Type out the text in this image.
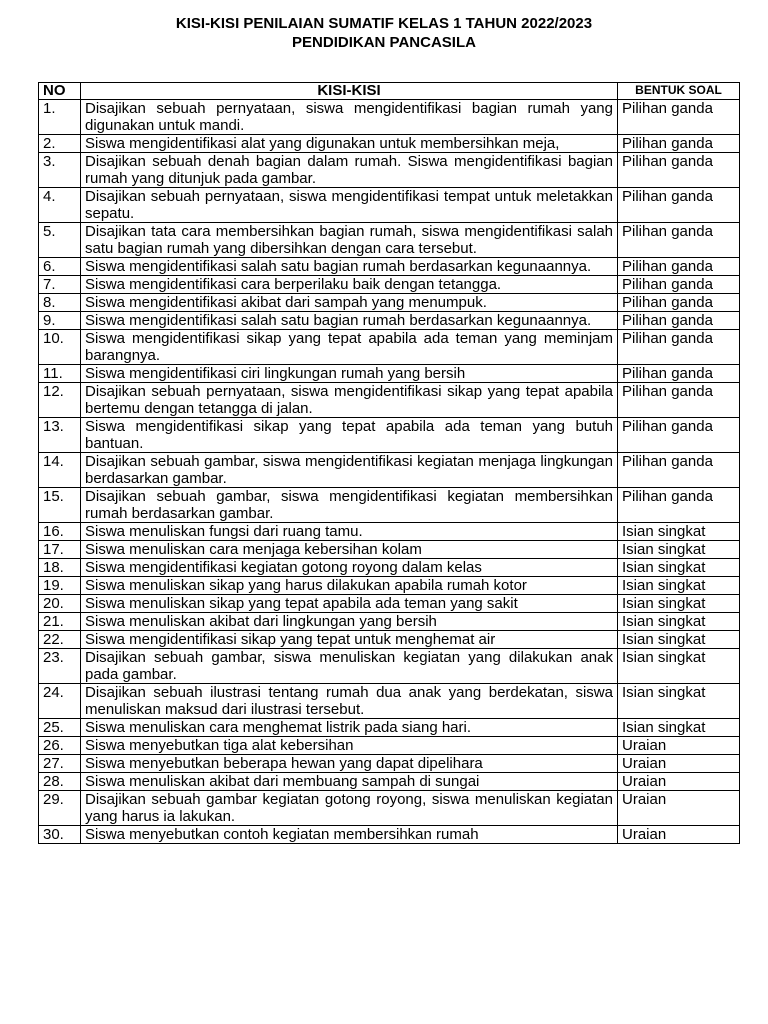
KISI-KISI PENILAIAN SUMATIF KELAS 1 TAHUN 2022/2023
PENDIDIKAN PANCASILA
NO	KISI-KISI	BENTUK SOAL
1.	Disajikan sebuah pernyataan, siswa mengidentifikasi bagian rumah yang digunakan untuk mandi.	Pilihan ganda
2.	Siswa mengidentifikasi alat yang digunakan untuk membersihkan meja,	Pilihan ganda
3.	Disajikan sebuah denah bagian dalam rumah. Siswa mengidentifikasi bagian rumah yang ditunjuk pada gambar.	Pilihan ganda
4.	Disajikan sebuah pernyataan, siswa mengidentifikasi tempat untuk meletakkan sepatu.	Pilihan ganda
5.	Disajikan tata cara membersihkan bagian rumah, siswa mengidentifikasi salah satu bagian rumah yang dibersihkan dengan cara tersebut.	Pilihan ganda
6.	Siswa mengidentifikasi salah satu bagian rumah berdasarkan kegunaannya.	Pilihan ganda
7.	Siswa mengidentifikasi cara berperilaku baik dengan tetangga.	Pilihan ganda
8.	Siswa mengidentifikasi akibat dari sampah yang menumpuk.	Pilihan ganda
9.	Siswa mengidentifikasi salah satu bagian rumah berdasarkan kegunaannya.	Pilihan ganda
10.	Siswa mengidentifikasi sikap yang tepat apabila ada teman yang meminjam barangnya.	Pilihan ganda
11.	Siswa mengidentifikasi ciri lingkungan rumah yang bersih	Pilihan ganda
12.	Disajikan sebuah pernyataan, siswa mengidentifikasi sikap yang tepat apabila bertemu dengan tetangga di jalan.	Pilihan ganda
13.	Siswa mengidentifikasi sikap yang tepat apabila ada teman yang butuh bantuan.	Pilihan ganda
14.	Disajikan sebuah gambar, siswa mengidentifikasi kegiatan menjaga lingkungan berdasarkan gambar.	Pilihan ganda
15.	Disajikan sebuah gambar, siswa mengidentifikasi kegiatan membersihkan rumah berdasarkan gambar.	Pilihan ganda
16.	Siswa menuliskan fungsi dari ruang tamu.	Isian singkat
17.	Siswa menuliskan cara menjaga kebersihan kolam	Isian singkat
18.	Siswa mengidentifikasi kegiatan gotong royong dalam kelas	Isian singkat
19.	Siswa menuliskan sikap yang harus dilakukan apabila rumah kotor	Isian singkat
20.	Siswa menuliskan sikap yang tepat apabila ada teman yang sakit	Isian singkat
21.	Siswa menuliskan akibat dari lingkungan yang bersih	Isian singkat
22.	Siswa mengidentifikasi sikap yang tepat untuk menghemat air	Isian singkat
23.	Disajikan sebuah gambar, siswa menuliskan kegiatan yang dilakukan anak pada gambar.	Isian singkat
24.	Disajikan sebuah ilustrasi tentang rumah dua anak yang berdekatan, siswa menuliskan maksud dari ilustrasi tersebut.	Isian singkat
25.	Siswa menuliskan cara menghemat listrik pada siang hari.	Isian singkat
26.	Siswa menyebutkan tiga alat kebersihan	Uraian
27.	Siswa menyebutkan beberapa hewan yang dapat dipelihara	Uraian
28.	Siswa menuliskan akibat dari membuang sampah di sungai	Uraian
29.	Disajikan sebuah gambar kegiatan gotong royong, siswa menuliskan kegiatan yang harus ia lakukan.	Uraian
30.	Siswa menyebutkan contoh kegiatan membersihkan rumah	Uraian
